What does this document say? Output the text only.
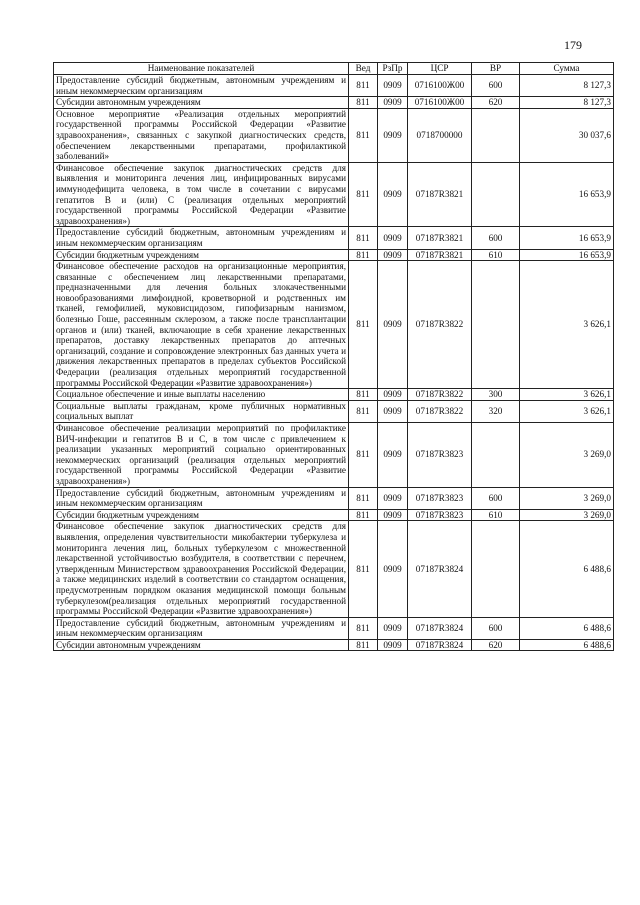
179
Наименование показателей	Вед	РзПр	ЦСР	ВР	Сумма
Предоставление субсидий бюджетным, автономным учреждениям и иным некоммерческим организациям	811	0909	0716100Ж00	600	8 127,3
Субсидии автономным учреждениям	811	0909	0716100Ж00	620	8 127,3
Основное мероприятие «Реализация отдельных мероприятий государственной программы Российской Федерации «Развитие здравоохранения», связанных с закупкой диагностических средств, обеспечением лекарственными препаратами, профилактикой заболеваний»	811	0909	0718700000		30 037,6
Финансовое обеспечение закупок диагностических средств для выявления и мониторинга лечения лиц, инфицированных вирусами иммунодефицита человека, в том числе в сочетании с вирусами гепатитов В и (или) С (реализация отдельных мероприятий государственной программы Российской Федерации «Развитие здравоохранения»)	811	0909	07187R3821		16 653,9
Предоставление субсидий бюджетным, автономным учреждениям и иным некоммерческим организациям	811	0909	07187R3821	600	16 653,9
Субсидии бюджетным учреждениям	811	0909	07187R3821	610	16 653,9
Финансовое обеспечение расходов на организационные мероприятия, связанные с обеспечением лиц лекарственными препаратами, предназначенными для лечения больных злокачественными новообразованиями лимфоидной, кроветворной и родственных им тканей, гемофилией, муковисцидозом, гипофизарным нанизмом, болезнью Гоше, рассеянным склерозом, а также после трансплантации органов и (или) тканей, включающие в себя хранение лекарственных препаратов, доставку лекарственных препаратов до аптечных организаций, создание и сопровождение электронных баз данных учета и движения лекарственных препаратов в пределах субъектов Российской Федерации (реализация отдельных мероприятий государственной программы Российской Федерации «Развитие здравоохранения»)	811	0909	07187R3822		3 626,1
Социальное обеспечение и иные выплаты населению	811	0909	07187R3822	300	3 626,1
Социальные выплаты гражданам, кроме публичных нормативных социальных выплат	811	0909	07187R3822	320	3 626,1
Финансовое обеспечение реализации мероприятий по профилактике ВИЧ-инфекции и гепатитов В и С, в том числе с привлечением к реализации указанных мероприятий социально ориентированных некоммерческих организаций (реализация отдельных мероприятий государственной программы Российской Федерации «Развитие здравоохранения»)	811	0909	07187R3823		3 269,0
Предоставление субсидий бюджетным, автономным учреждениям и иным некоммерческим организациям	811	0909	07187R3823	600	3 269,0
Субсидии бюджетным учреждениям	811	0909	07187R3823	610	3 269,0
Финансовое обеспечение закупок диагностических средств для выявления, определения чувствительности микобактерии туберкулеза и мониторинга лечения лиц, больных туберкулезом с множественной лекарственной устойчивостью возбудителя, в соответствии с перечнем, утвержденным Министерством здравоохранения Российской Федерации, а также медицинских изделий в соответствии со стандартом оснащения, предусмотренным порядком оказания медицинской помощи больным туберкулезом(реализация отдельных мероприятий государственной программы Российской Федерации «Развитие здравоохранения»)	811	0909	07187R3824		6 488,6
Предоставление субсидий бюджетным, автономным учреждениям и иным некоммерческим организациям	811	0909	07187R3824	600	6 488,6
Субсидии автономным учреждениям	811	0909	07187R3824	620	6 488,6
